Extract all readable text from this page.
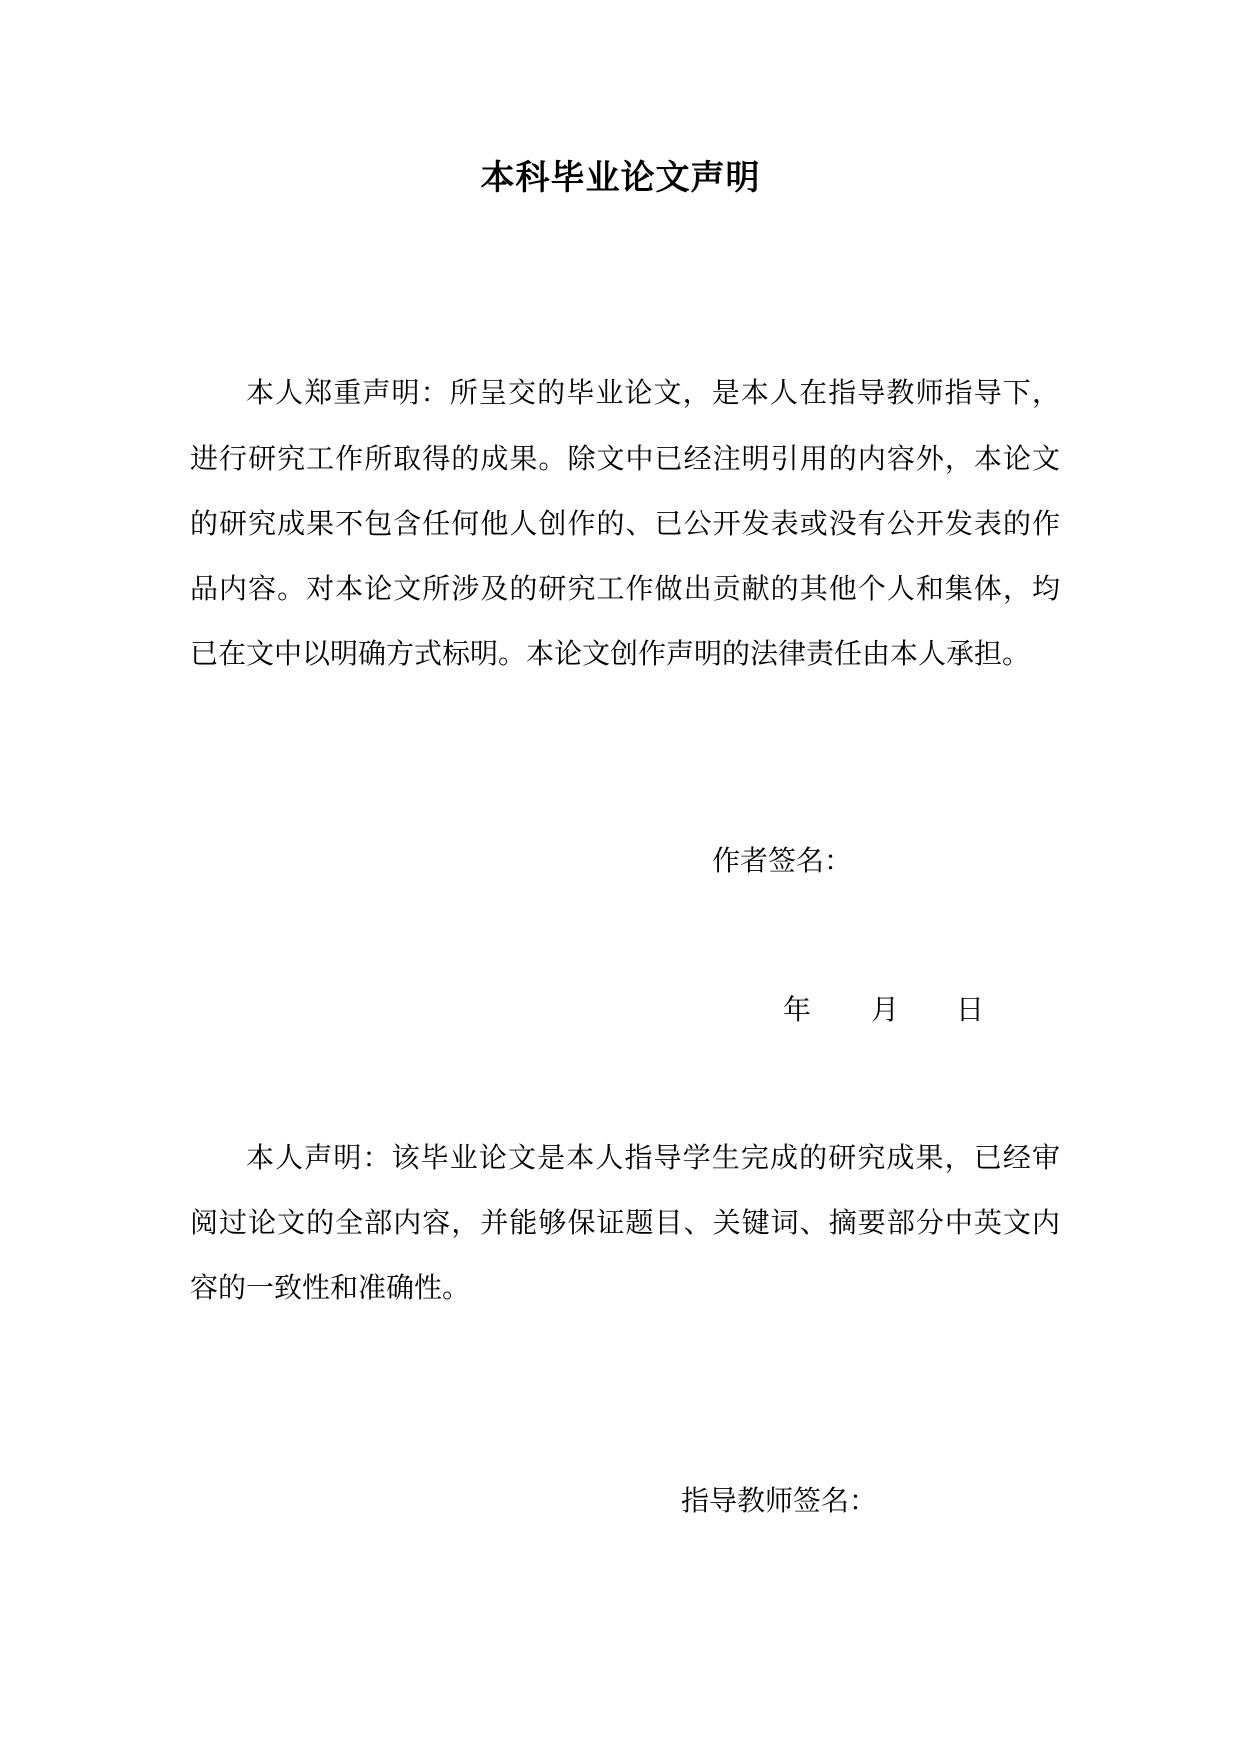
本科毕业论文声明
本人郑重声明：所呈交的毕业论文，是本人在指导教师指导下，
进行研究工作所取得的成果。除文中已经注明引用的内容外，本论文
的研究成果不包含任何他人创作的、已公开发表或没有公开发表的作
品内容。对本论文所涉及的研究工作做出贡献的其他个人和集体，均
已在文中以明确方式标明。本论文创作声明的法律责任由本人承担。
作者签名：
年 月 日
本人声明：该毕业论文是本人指导学生完成的研究成果，已经审
阅过论文的全部内容，并能够保证题目、关键词、摘要部分中英文内
容的一致性和准确性。
指导教师签名：
